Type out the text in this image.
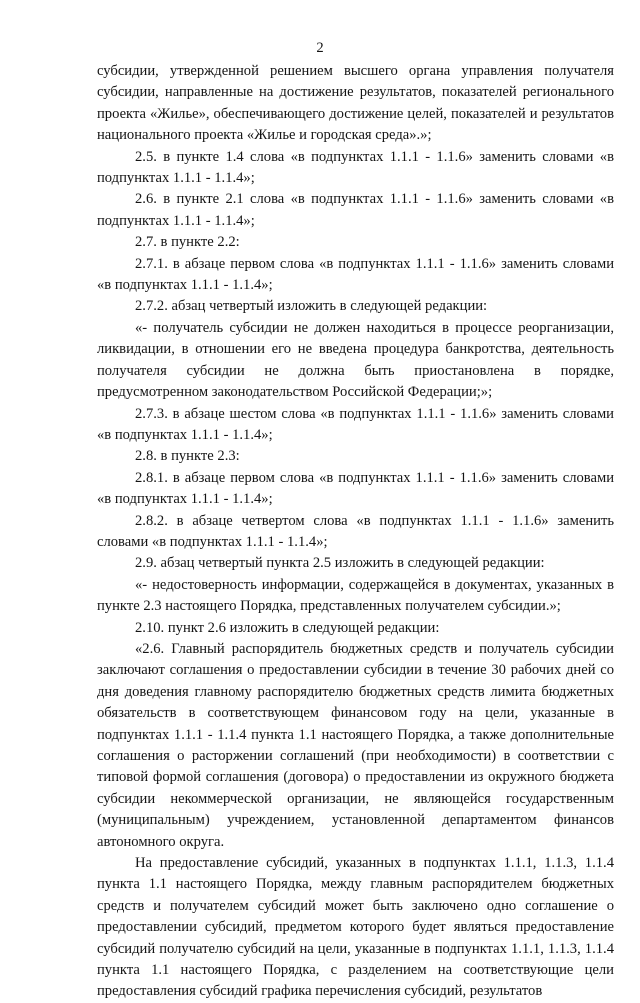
2

субсидии, утвержденной решением высшего органа управления получателя субсидии, направленные на достижение результатов, показателей регионального проекта «Жилье», обеспечивающего достижение целей, показателей и результатов национального проекта «Жилье и городская среда».»;

2.5. в пункте 1.4 слова «в подпунктах 1.1.1 - 1.1.6» заменить словами «в подпунктах 1.1.1 - 1.1.4»;

2.6. в пункте 2.1 слова «в подпунктах 1.1.1 - 1.1.6» заменить словами «в подпунктах 1.1.1 - 1.1.4»;

2.7. в пункте 2.2:

2.7.1. в абзаце первом слова «в подпунктах 1.1.1 - 1.1.6» заменить словами «в подпунктах 1.1.1 - 1.1.4»;

2.7.2. абзац четвертый изложить в следующей редакции:

«- получатель субсидии не должен находиться в процессе реорганизации, ликвидации, в отношении его не введена процедура банкротства, деятельность получателя субсидии не должна быть приостановлена в порядке, предусмотренном законодательством Российской Федерации;»;

2.7.3. в абзаце шестом слова «в подпунктах 1.1.1 - 1.1.6» заменить словами «в подпунктах 1.1.1 - 1.1.4»;

2.8. в пункте 2.3:

2.8.1. в абзаце первом слова «в подпунктах 1.1.1 - 1.1.6» заменить словами «в подпунктах 1.1.1 - 1.1.4»;

2.8.2. в абзаце четвертом слова «в подпунктах 1.1.1 - 1.1.6» заменить словами «в подпунктах 1.1.1 - 1.1.4»;

2.9. абзац четвертый пункта 2.5 изложить в следующей редакции:

«- недостоверность информации, содержащейся в документах, указанных в пункте 2.3 настоящего Порядка, представленных получателем субсидии.»;

2.10. пункт 2.6 изложить в следующей редакции:

«2.6. Главный распорядитель бюджетных средств и получатель субсидии заключают соглашения о предоставлении субсидии в течение 30 рабочих дней со дня доведения главному распорядителю бюджетных средств лимита бюджетных обязательств в соответствующем финансовом году на цели, указанные в подпунктах 1.1.1 - 1.1.4 пункта 1.1 настоящего Порядка, а также дополнительные соглашения о расторжении соглашений (при необходимости) в соответствии с типовой формой соглашения (договора) о предоставлении из окружного бюджета субсидии некоммерческой организации, не являющейся государственным (муниципальным) учреждением, установленной департаментом финансов автономного округа.

На предоставление субсидий, указанных в подпунктах 1.1.1, 1.1.3, 1.1.4 пункта 1.1 настоящего Порядка, между главным распорядителем бюджетных средств и получателем субсидий может быть заключено одно соглашение о предоставлении субсидий, предметом которого будет являться предоставление субсидий получателю субсидий на цели, указанные в подпунктах 1.1.1, 1.1.3, 1.1.4 пункта 1.1 настоящего Порядка, с разделением на соответствующие цели предоставления субсидий графика перечисления субсидий, результатов
